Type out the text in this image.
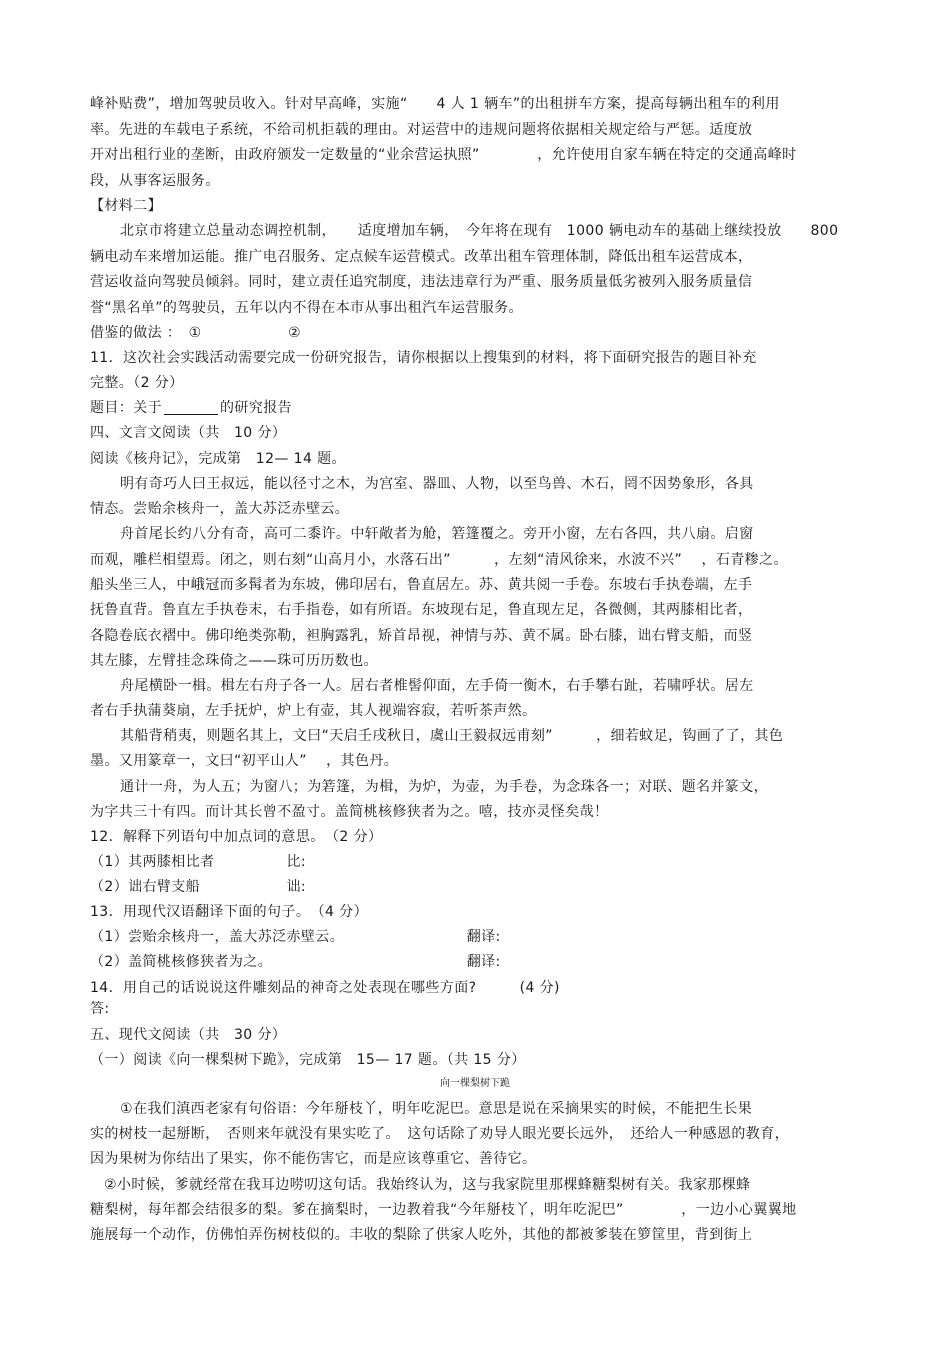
峰补贴费”，增加驾驶员收入。针对早高峰，实施“　　4 人 1 辆车”的出租拼车方案，提高每辆出租车的利用
率。先进的车载电子系统，不给司机拒载的理由。对运营中的违规问题将依据相关规定给与严惩。适度放
开对出租行业的垄断，由政府颁发一定数量的“业余营运执照”　　　　，允许使用自家车辆在特定的交通高峰时
段，从事客运服务。
【材料二】
北京市将建立总量动态调控机制，　　适度增加车辆，　今年将在现有　1000 辆电动车的基础上继续投放　　800
辆电动车来增加运能。推广电召服务、定点候车运营模式。改革出租车管理体制，降低出租车运营成本，
营运收益向驾驶员倾斜。同时，建立责任追究制度，违法违章行为严重、服务质量低劣被列入服务质量信
誉“黑名单”的驾驶员，五年以内不得在本市从事出租汽车运营服务。
借鉴的做法 ：　①　　　　　　②
11．这次社会实践活动需要完成一份研究报告，请你根据以上搜集到的材料，将下面研究报告的题目补充
完整。（2 分）
题目：关于	的研究报告
四、文言文阅读（共　10 分）
阅读《核舟记》，完成第　12— 14 题。
明有奇巧人曰王叔远，能以径寸之木，为宫室、器皿、人物，以至鸟兽、木石，罔不因势象形，各具
情态。尝贻余核舟一，盖大苏泛赤壁云。
舟首尾长约八分有奇，高可二黍许。中轩敞者为舱，箬篷覆之。旁开小窗，左右各四，共八扇。启窗
而观，雕栏相望焉。闭之，则右刻“山高月小，水落石出”　　　，左刻“清风徐来，水波不兴”　 ，石青糁之。
船头坐三人，中峨冠而多髯者为东坡，佛印居右，鲁直居左。苏、黄共阅一手卷。东坡右手执卷端，左手
抚鲁直背。鲁直左手执卷末，右手指卷，如有所语。东坡现右足，鲁直现左足，各微侧，其两膝相比者，
各隐卷底衣褶中。佛印绝类弥勒，袒胸露乳，矫首昂视，神情与苏、黄不属。卧右膝，诎右臂支船，而竖
其左膝，左臂挂念珠倚之——珠可历历数也。
舟尾横卧一楫。楫左右舟子各一人。居右者椎髻仰面，左手倚一衡木，右手攀右趾，若啸呼状。居左
者右手执蒲葵扇，左手抚炉，炉上有壶，其人视端容寂，若听茶声然。
其船背稍夷，则题名其上，文曰“天启壬戌秋日，虞山王毅叔远甫刻”　　　，细若蚊足，钩画了了，其色
墨。又用篆章一，文曰“初平山人”　 ，其色丹。
通计一舟，为人五；为窗八；为箬篷，为楫，为炉，为壶，为手卷，为念珠各一；对联、题名并篆文，
为字共三十有四。而计其长曾不盈寸。盖简桃核修狭者为之。嘻，技亦灵怪矣哉！
12．解释下列语句中加点词的意思。　（2 分）
（1）其两膝相比者　　　　　比:
（2）诎右臂支船　　　　　　诎:
13．用现代汉语翻译下面的句子。　（4 分）
（1）尝贻余核舟一，盖大苏泛赤壁云。　　　　　　　　　翻译:
（2）盖简桃核修狭者为之。　　　　　　　　　　　　　　翻译:
14．用自己的话说说这件雕刻品的神奇之处表现在哪些方面?　　　(4 分)
答:
五、现代文阅读（共　30 分）
（一）阅读《向一棵梨树下跪》，完成第　15— 17 题。（共 15 分）
向一棵梨树下跪
①在我们滇西老家有句俗语：今年掰枝丫，明年吃泥巴。意思是说在采摘果实的时候，不能把生长果
实的树枝一起掰断，　否则来年就没有果实吃了。　这句话除了劝导人眼光要长远外，　还给人一种感恩的教育，
因为果树为你结出了果实，你不能伤害它，而是应该尊重它、善待它。
②小时候，爹就经常在我耳边唠叨这句话。我始终认为，这与我家院里那棵蜂糖梨树有关。我家那棵蜂
糖梨树，每年都会结很多的梨。爹在摘梨时，一边教着我“今年掰枝丫，明年吃泥巴”　　　　，一边小心翼翼地
施展每一个动作，仿佛怕弄伤树枝似的。丰收的梨除了供家人吃外，其他的都被爹装在箩筐里，背到街上
